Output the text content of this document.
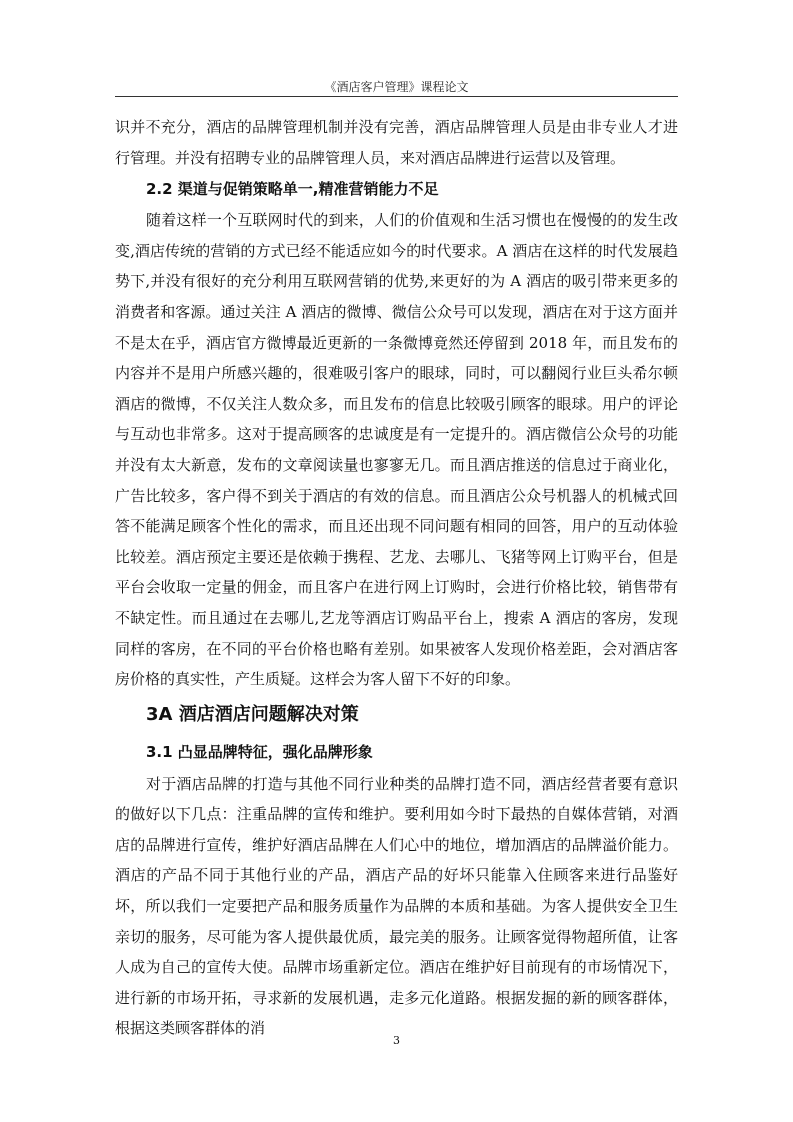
《酒店客户管理》课程论文

识并不充分，酒店的品牌管理机制并没有完善，酒店品牌管理人员是由非专业人才进行管理。并没有招聘专业的品牌管理人员，来对酒店品牌进行运营以及管理。

2.2 渠道与促销策略单一,精准营销能力不足

随着这样一个互联网时代的到来，人们的价值观和生活习惯也在慢慢的的发生改变,酒店传统的营销的方式已经不能适应如今的时代要求。A 酒店在这样的时代发展趋势下,并没有很好的充分利用互联网营销的优势,来更好的为 A 酒店的吸引带来更多的消费者和客源。通过关注 A 酒店的微博、微信公众号可以发现，酒店在对于这方面并不是太在乎，酒店官方微博最近更新的一条微博竟然还停留到 2018 年，而且发布的内容并不是用户所感兴趣的，很难吸引客户的眼球，同时，可以翻阅行业巨头希尔顿酒店的微博，不仅关注人数众多，而且发布的信息比较吸引顾客的眼球。用户的评论与互动也非常多。这对于提高顾客的忠诚度是有一定提升的。酒店微信公众号的功能并没有太大新意，发布的文章阅读量也寥寥无几。而且酒店推送的信息过于商业化，广告比较多，客户得不到关于酒店的有效的信息。而且酒店公众号机器人的机械式回答不能满足顾客个性化的需求，而且还出现不同问题有相同的回答，用户的互动体验比较差。酒店预定主要还是依赖于携程、艺龙、去哪儿、飞猪等网上订购平台，但是平台会收取一定量的佣金，而且客户在进行网上订购时，会进行价格比较，销售带有不缺定性。而且通过在去哪儿,艺龙等酒店订购品平台上，搜索 A 酒店的客房，发现同样的客房，在不同的平台价格也略有差别。如果被客人发现价格差距，会对酒店客房价格的真实性，产生质疑。这样会为客人留下不好的印象。

3A 酒店酒店问题解决对策
3.1 凸显品牌特征，强化品牌形象

对于酒店品牌的打造与其他不同行业种类的品牌打造不同，酒店经营者要有意识的做好以下几点：注重品牌的宣传和维护。要利用如今时下最热的自媒体营销，对酒店的品牌进行宣传，维护好酒店品牌在人们心中的地位，增加酒店的品牌溢价能力。酒店的产品不同于其他行业的产品，酒店产品的好坏只能靠入住顾客来进行品鉴好坏，所以我们一定要把产品和服务质量作为品牌的本质和基础。为客人提供安全卫生亲切的服务，尽可能为客人提供最优质，最完美的服务。让顾客觉得物超所值，让客人成为自己的宣传大使。品牌市场重新定位。酒店在维护好目前现有的市场情况下，进行新的市场开拓，寻求新的发展机遇，走多元化道路。根据发掘的新的顾客群体，根据这类顾客群体的消

3
